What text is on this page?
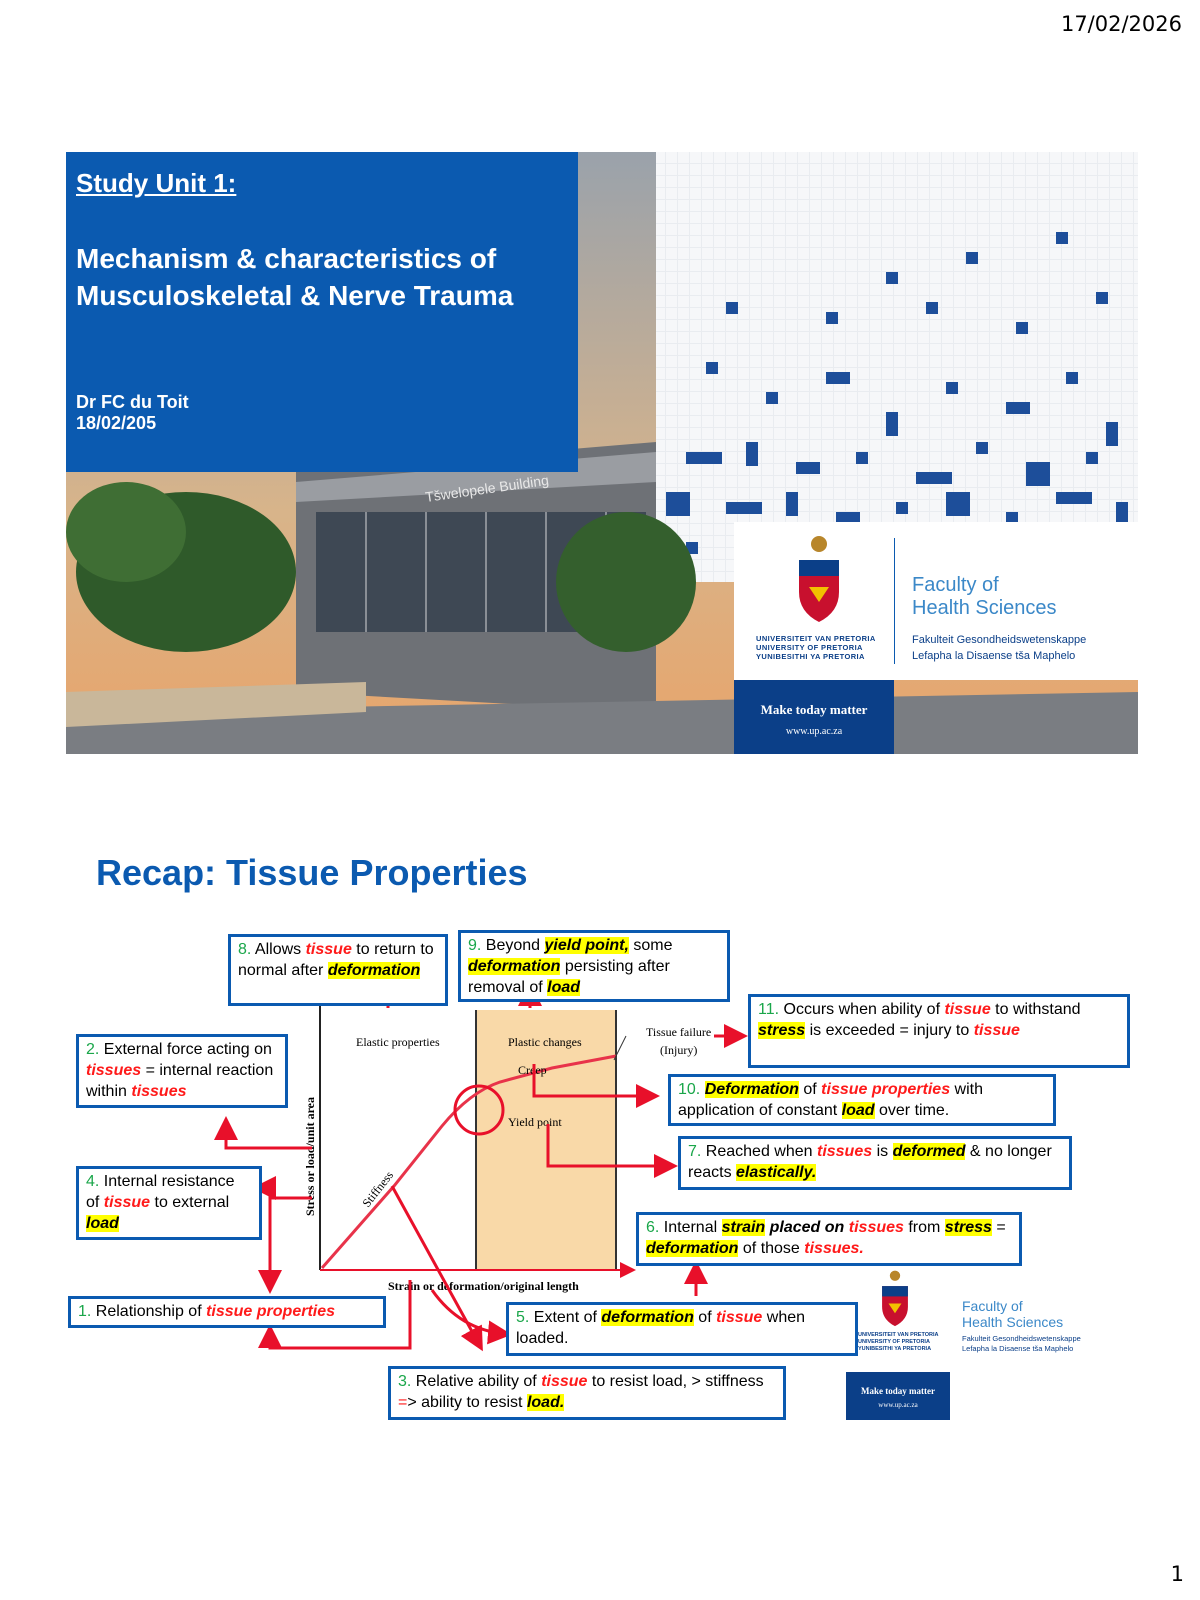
17/02/2026
Tšwelopele Building
Study Unit 1:
Mechanism & characteristics of
Musculoskeletal & Nerve Trauma
Dr FC du Toit
18/02/205
UNIVERSITEIT VAN PRETORIA
UNIVERSITY OF PRETORIA
YUNIBESITHI YA PRETORIA
Faculty of
Health Sciences
Fakulteit Gesondheidswetenskappe
Lefapha la Disaense tša Maphelo
Make today matter
www.up.ac.za
Recap: Tissue Properties
Elastic properties	Plastic changes
Creep
Yield point
Stiffness
Tissue failure
(Injury)
Stress or load/unit area
Strain or deformation/original length
8. Allows tissue to return to normal after deformation
9. Beyond yield point, some deformation persisting after removal of load
11. Occurs when ability of tissue to withstand stress is exceeded = injury to tissue
2. External force acting on tissues = internal reaction within tissues	10. Deformation of tissue properties with application of constant load over time.
7. Reached when tissues is deformed & no longer reacts elastically.
4. Internal resistance of tissue to external load	6. Internal strain placed on tissues from stress = deformation of those tissues.
1. Relationship of tissue properties	5. Extent of deformation of tissue when loaded.
3. Relative ability of tissue to resist load, > stiffness => ability to resist load.
UNIVERSITEIT VAN PRETORIA
UNIVERSITY OF PRETORIA
YUNIBESITHI YA PRETORIA
Faculty of
Health Sciences
Fakulteit Gesondheidswetenskappe
Lefapha la Disaense tša Maphelo
Make today matter
www.up.ac.za
1
